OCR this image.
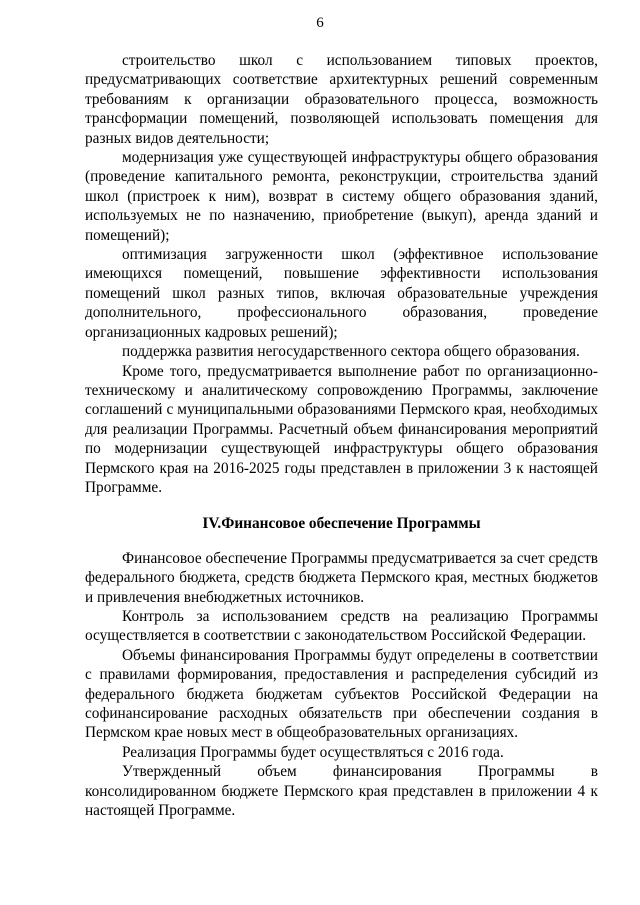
6

строительство школ с использованием типовых проектов, предусматривающих соответствие архитектурных решений современным требованиям к организации образовательного процесса, возможность трансформации помещений, позволяющей использовать помещения для разных видов деятельности;

модернизация уже существующей инфраструктуры общего образования (проведение капитального ремонта, реконструкции, строительства зданий школ (пристроек к ним), возврат в систему общего образования зданий, используемых не по назначению, приобретение (выкуп), аренда зданий и помещений);

оптимизация загруженности школ (эффективное использование имеющихся помещений, повышение эффективности использования помещений школ разных типов, включая образовательные учреждения дополнительного, профессионального образования, проведение организационных кадровых решений);

поддержка развития негосударственного сектора общего образования.

Кроме того, предусматривается выполнение работ по организационно-техническому и аналитическому сопровождению Программы, заключение соглашений с муниципальными образованиями Пермского края, необходимых для реализации Программы. Расчетный объем финансирования мероприятий по модернизации существующей инфраструктуры общего образования Пермского края на 2016-2025 годы представлен в приложении 3 к настоящей Программе.

IV.Финансовое обеспечение Программы

Финансовое обеспечение Программы предусматривается за счет средств федерального бюджета, средств бюджета Пермского края, местных бюджетов и привлечения внебюджетных источников.

Контроль за использованием средств на реализацию Программы осуществляется в соответствии с законодательством Российской Федерации.

Объемы финансирования Программы будут определены в соответствии с правилами формирования, предоставления и распределения субсидий из федерального бюджета бюджетам субъектов Российской Федерации на софинансирование расходных обязательств при обеспечении создания в Пермском крае новых мест в общеобразовательных организациях.

Реализация Программы будет осуществляться с 2016 года.

Утвержденный объем финансирования Программы в консолидированном бюджете Пермского края представлен в приложении 4 к настоящей Программе.
